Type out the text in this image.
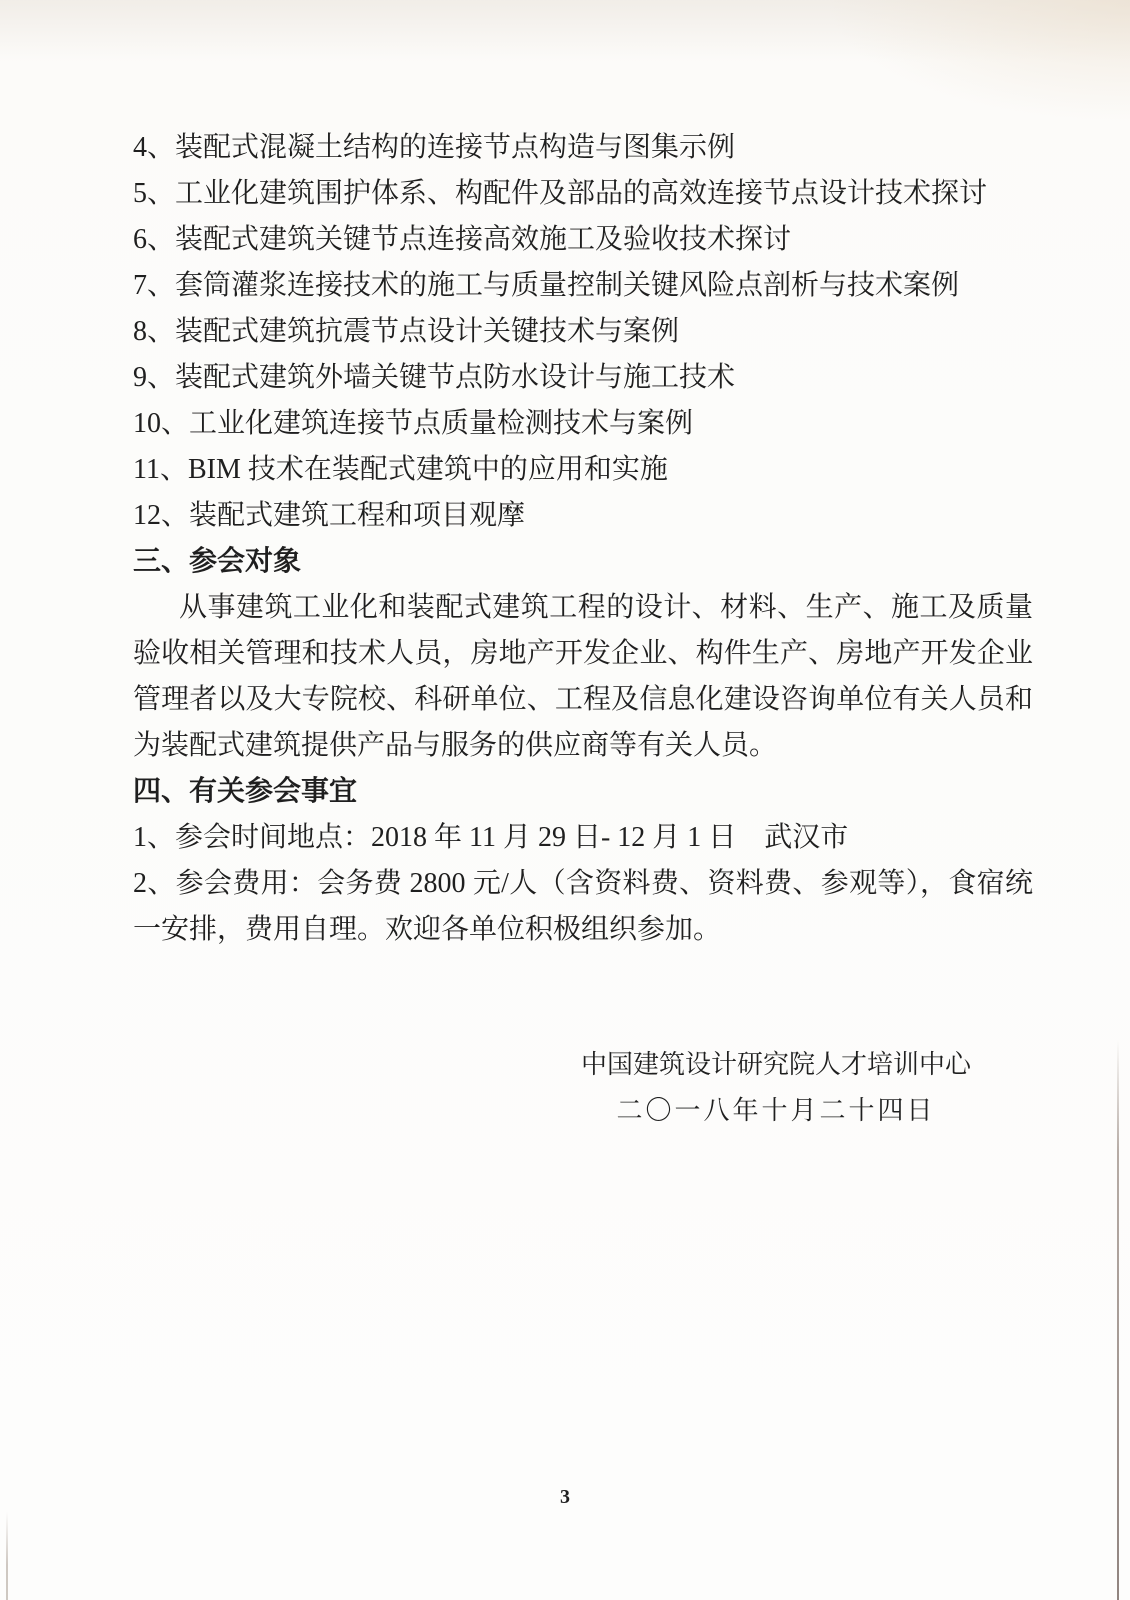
4、装配式混凝土结构的连接节点构造与图集示例
5、工业化建筑围护体系、构配件及部品的高效连接节点设计技术探讨
6、装配式建筑关键节点连接高效施工及验收技术探讨
7、套筒灌浆连接技术的施工与质量控制关键风险点剖析与技术案例
8、装配式建筑抗震节点设计关键技术与案例
9、装配式建筑外墙关键节点防水设计与施工技术
10、工业化建筑连接节点质量检测技术与案例
11、BIM 技术在装配式建筑中的应用和实施
12、装配式建筑工程和项目观摩
三、参会对象
从事建筑工业化和装配式建筑工程的设计、材料、生产、施工及质量验收相关管理和技术人员，房地产开发企业、构件生产、房地产开发企业管理者以及大专院校、科研单位、工程及信息化建设咨询单位有关人员和为装配式建筑提供产品与服务的供应商等有关人员。
四、有关参会事宜
1、参会时间地点：2018 年 11 月 29 日- 12 月 1 日　武汉市
2、参会费用：会务费 2800 元/人（含资料费、资料费、参观等），食宿统一安排，费用自理。欢迎各单位积极组织参加。
中国建筑设计研究院人才培训中心
二〇一八年十月二十四日
3
